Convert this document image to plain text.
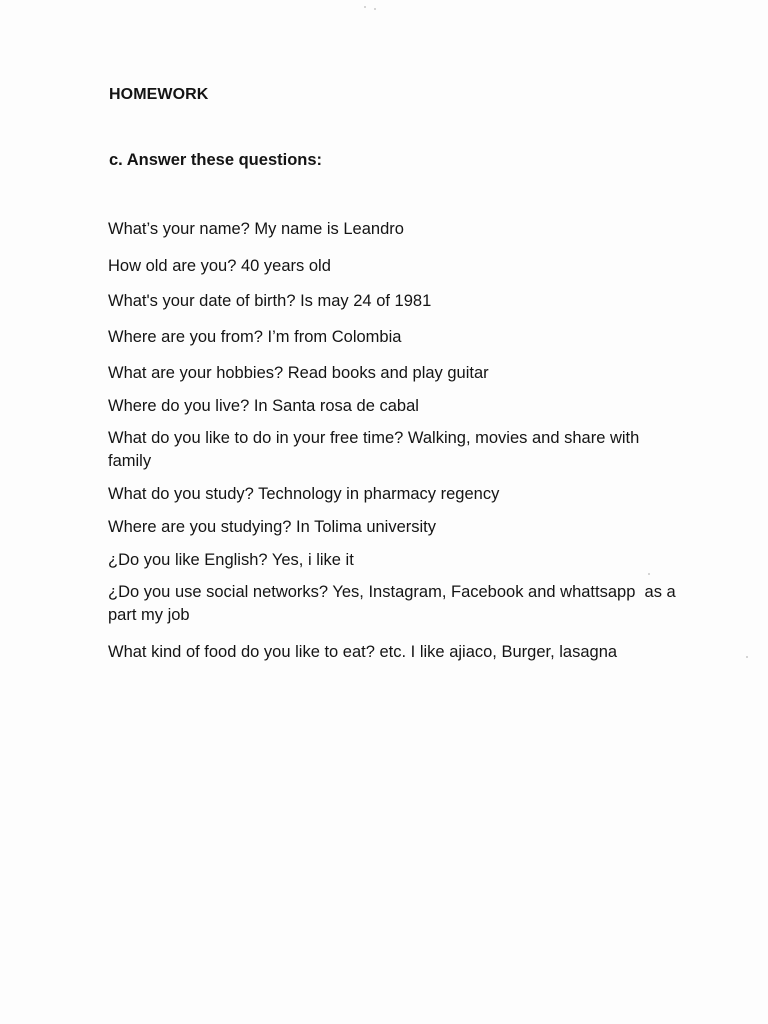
HOMEWORK
c. Answer these questions:
What’s your name? My name is Leandro
How old are you? 40 years old
What's your date of birth? Is may 24 of 1981
Where are you from? I’m from Colombia
What are your hobbies? Read books and play guitar
Where do you live? In Santa rosa de cabal
What do you like to do in your free time? Walking, movies and share with family
What do you study? Technology in pharmacy regency
Where are you studying? In Tolima university
¿Do you like English? Yes, i like it
¿Do you use social networks? Yes, Instagram, Facebook and whattsapp  as a part my job
What kind of food do you like to eat? etc. I like ajiaco, Burger, lasagna
